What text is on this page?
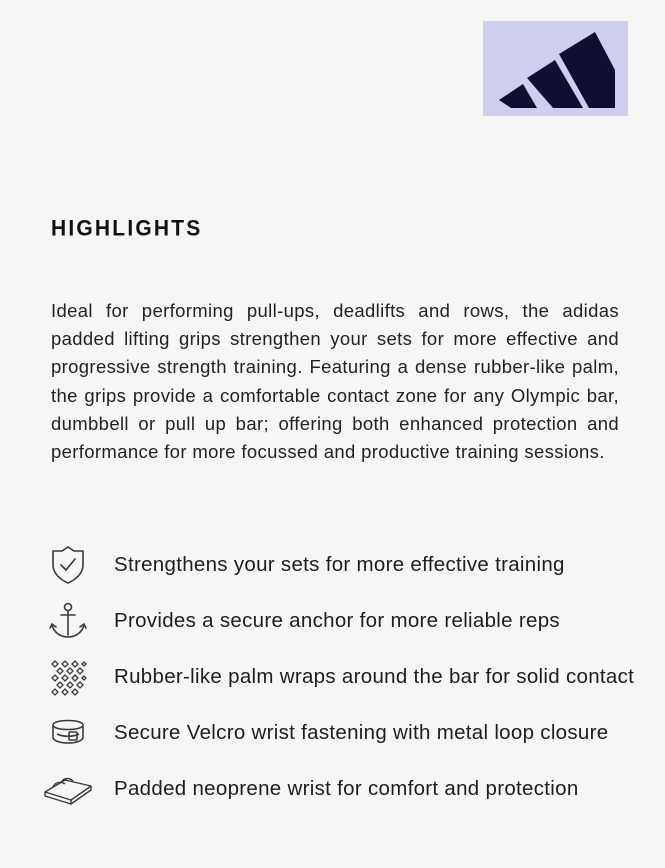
HIGHLIGHTS

Ideal for performing pull-ups, deadlifts and rows, the adidas padded lifting grips strengthen your sets for more effective and progressive strength training. Featuring a dense rubber-like palm, the grips provide a comfortable contact zone for any Olympic bar, dumbbell or pull up bar; offering both enhanced protection and performance for more focussed and productive training sessions.

Strengthens your sets for more effective training
Provides a secure anchor for more reliable reps
Rubber-like palm wraps around the bar for solid contact
Secure Velcro wrist fastening with metal loop closure
Padded neoprene wrist for comfort and protection
